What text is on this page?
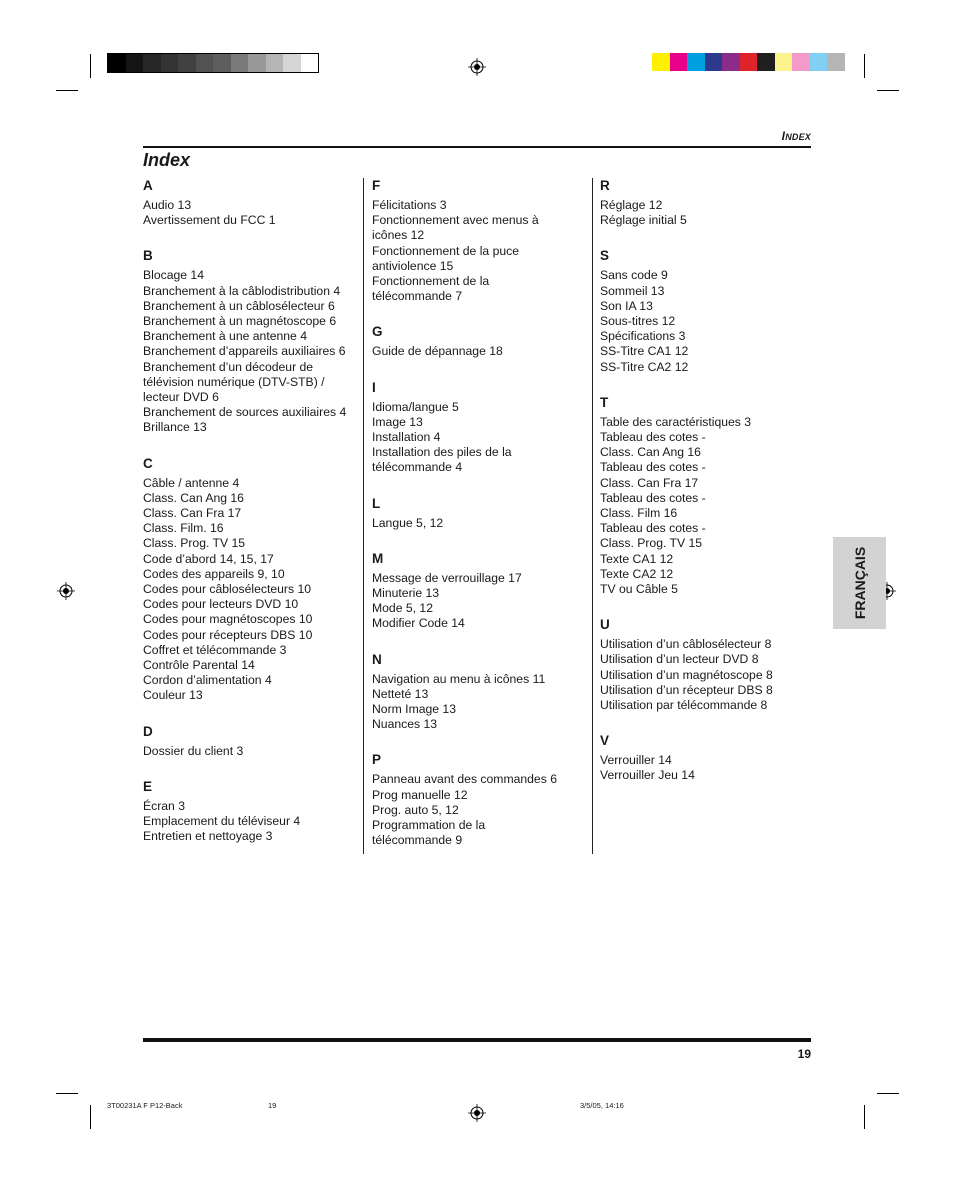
INDEX
Index
A
Audio 13
Avertissement du FCC 1
B
Blocage 14
Branchement à la câblodistribution 4
Branchement à un câblosélecteur 6
Branchement à un magnétoscope 6
Branchement à une antenne 4
Branchement d’appareils auxiliaires 6
Branchement d’un décodeur de
télévision numérique (DTV-STB) /
lecteur DVD 6
Branchement de sources auxiliaires 4
Brillance 13
C
Câble / antenne 4
Class. Can Ang 16
Class. Can Fra 17
Class. Film. 16
Class. Prog. TV 15
Code d’abord 14, 15, 17
Codes des appareils 9, 10
Codes pour câblosélecteurs 10
Codes pour lecteurs DVD 10
Codes pour magnétoscopes 10
Codes pour récepteurs DBS 10
Coffret et télécommande 3
Contrôle Parental 14
Cordon d’alimentation 4
Couleur 13
D
Dossier du client 3
E
Écran 3
Emplacement du téléviseur 4
Entretien et nettoyage 3
F
Félicitations 3
Fonctionnement avec menus à
icônes 12
Fonctionnement de la puce
antiviolence 15
Fonctionnement de la
télécommande 7
G
Guide de dépannage 18
I
Idioma/langue 5
Image 13
Installation 4
Installation des piles de la
télécommande 4
L
Langue 5, 12
M
Message de verrouillage 17
Minuterie 13
Mode 5, 12
Modifier Code 14
N
Navigation au menu à icônes 11
Netteté 13
Norm Image 13
Nuances 13
P
Panneau avant des commandes 6
Prog manuelle 12
Prog. auto 5, 12
Programmation de la
télécommande 9
R
Réglage 12
Réglage initial 5
S
Sans code 9
Sommeil 13
Son IA 13
Sous-titres 12
Spécifications 3
SS-Titre CA1 12
SS-Titre CA2 12
T
Table des caractéristiques 3
Tableau des cotes -
Class. Can Ang 16
Tableau des cotes -
Class. Can Fra 17
Tableau des cotes -
Class. Film 16
Tableau des cotes -
Class. Prog. TV 15
Texte CA1 12
Texte CA2 12
TV ou Câble 5
U
Utilisation d’un câblosélecteur 8
Utilisation d’un lecteur DVD 8
Utilisation d’un magnétoscope 8
Utilisation d’un récepteur DBS 8
Utilisation par télécommande 8
V
Verrouiller 14
Verrouiller Jeu 14
FRANÇAIS
19
3T00231A F P12-Back	19	3/5/05, 14:16
